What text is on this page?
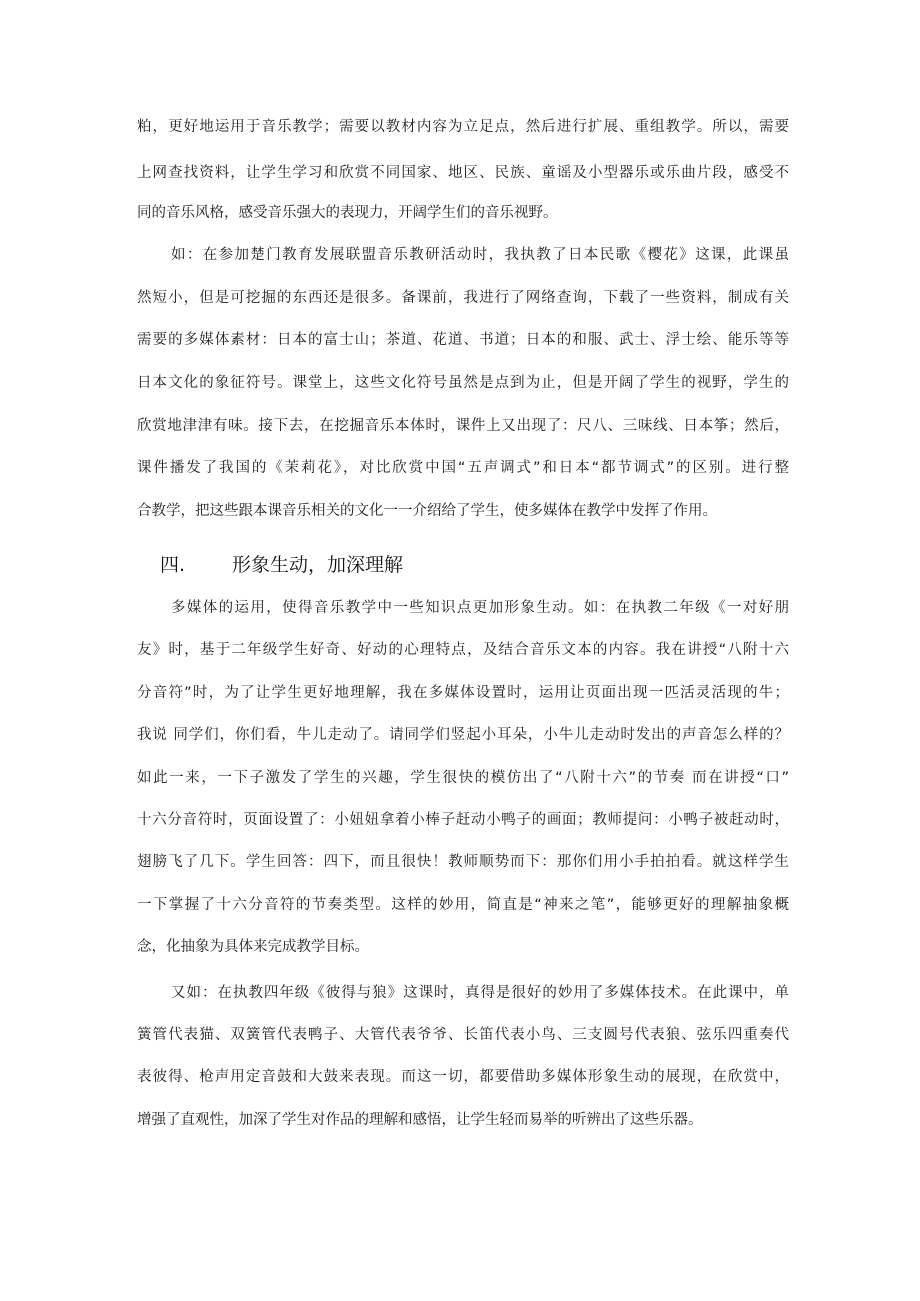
粕，更好地运用于音乐教学；需要以教材内容为立足点，然后进行扩展、重组教学。所以，需要
上网查找资料，让学生学习和欣赏不同国家、地区、民族、童谣及小型器乐或乐曲片段，感受不
同的音乐风格，感受音乐强大的表现力，开阔学生们的音乐视野。
如：在参加楚门教育发展联盟音乐教研活动时，我执教了日本民歌《樱花》这课，此课虽
然短小，但是可挖掘的东西还是很多。备课前，我进行了网络查询，下载了一些资料，制成有关
需要的多媒体素材：日本的富士山；茶道、花道、书道；日本的和服、武士、浮士绘、能乐等等
日本文化的象征符号。课堂上，这些文化符号虽然是点到为止，但是开阔了学生的视野，学生的
欣赏地津津有味。接下去，在挖掘音乐本体时，课件上又出现了：尺八、三味线、日本筝；然后，
课件播发了我国的《茉莉花》，对比欣赏中国“五声调式”和日本“都节调式”的区别。进行整
合教学，把这些跟本课音乐相关的文化一一介绍给了学生，使多媒体在教学中发挥了作用。
四. 形象生动，加深理解
多媒体的运用，使得音乐教学中一些知识点更加形象生动。如：在执教二年级《一对好朋
友》时，基于二年级学生好奇、好动的心理特点，及结合音乐文本的内容。我在讲授“八附十六
分音符”时，为了让学生更好地理解，我在多媒体设置时，运用让页面出现一匹活灵活现的牛；
我说 同学们，你们看，牛儿走动了。请同学们竖起小耳朵，小牛儿走动时发出的声音怎么样的？
如此一来，一下子激发了学生的兴趣，学生很快的模仿出了“八附十六”的节奏 而在讲授“口”
十六分音符时，页面设置了：小妞妞拿着小棒子赶动小鸭子的画面；教师提问：小鸭子被赶动时，
翅膀飞了几下。学生回答：四下，而且很快！教师顺势而下：那你们用小手拍拍看。就这样学生
一下掌握了十六分音符的节奏类型。这样的妙用，简直是“神来之笔”，能够更好的理解抽象概
念，化抽象为具体来完成教学目标。
又如：在执教四年级《彼得与狼》这课时，真得是很好的妙用了多媒体技术。在此课中，单
簧管代表猫、双簧管代表鸭子、大管代表爷爷、长笛代表小鸟、三支圆号代表狼、弦乐四重奏代
表彼得、枪声用定音鼓和大鼓来表现。而这一切，都要借助多媒体形象生动的展现，在欣赏中，
增强了直观性，加深了学生对作品的理解和感悟，让学生轻而易举的听辨出了这些乐器。
